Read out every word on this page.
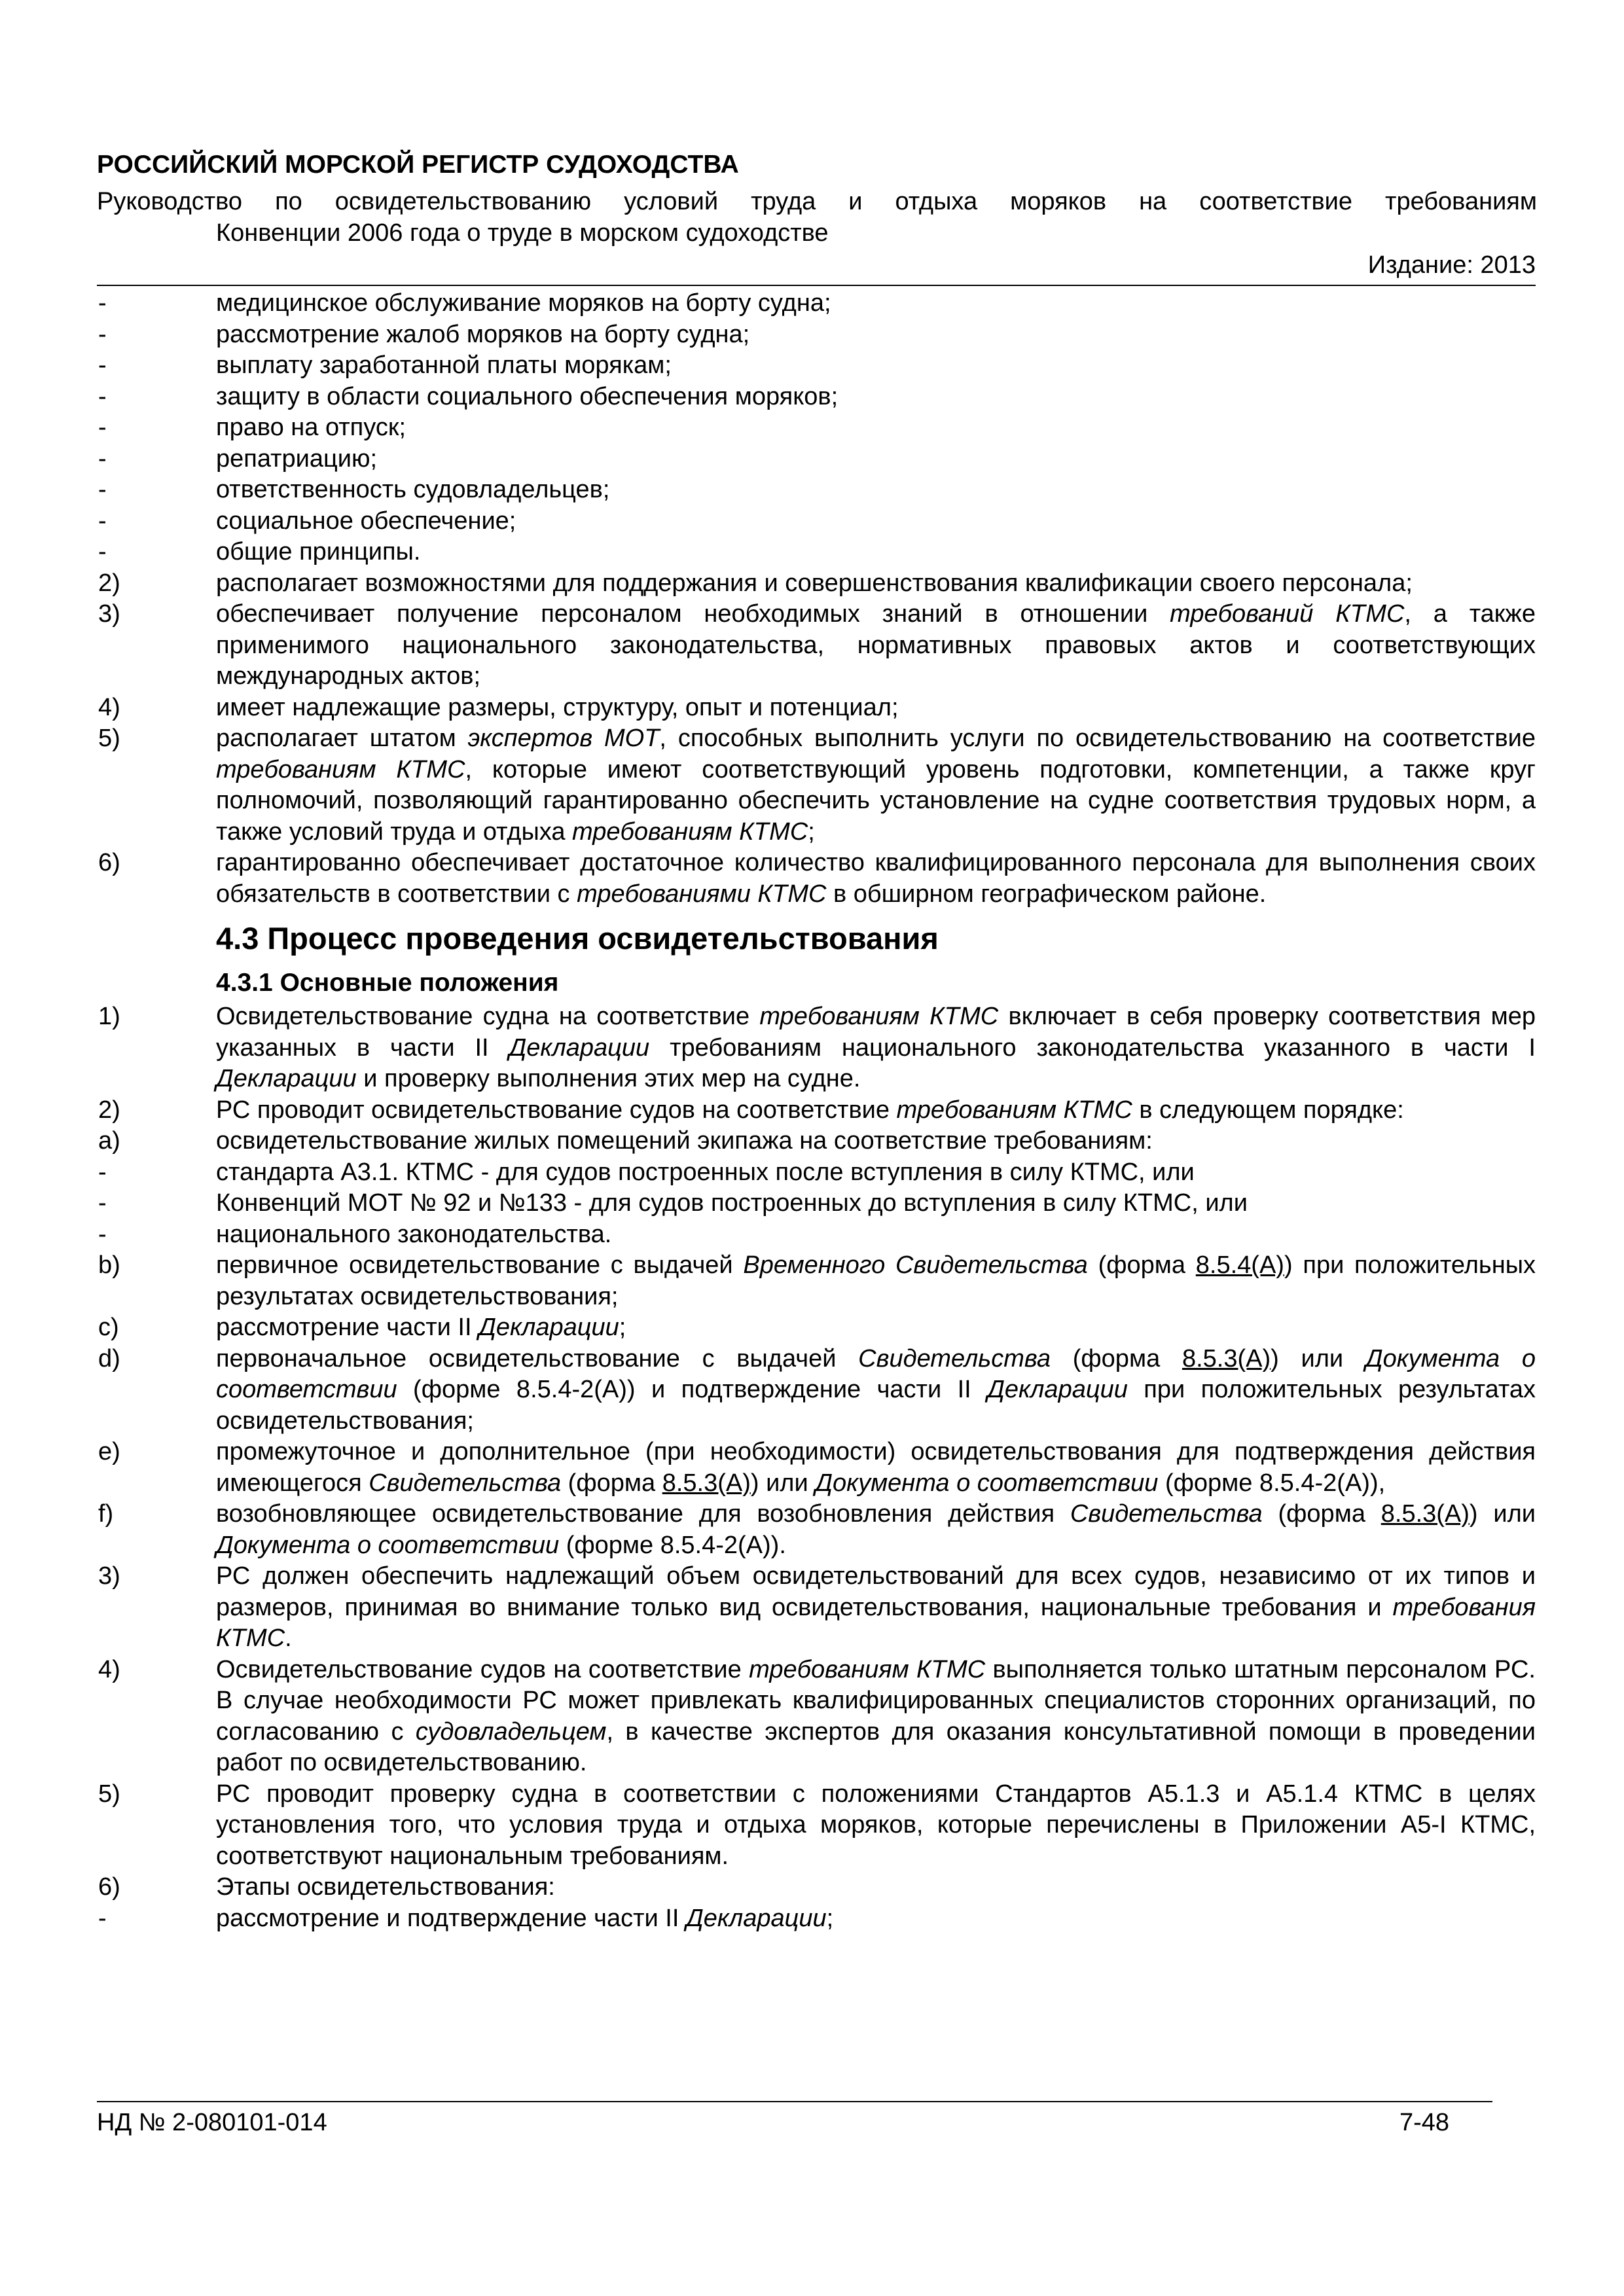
РОССИЙСКИЙ МОРСКОЙ РЕГИСТР СУДОХОДСТВА
Руководство по освидетельствованию условий труда и отдыха моряков на соответствие требованиям
Конвенции 2006 года о труде в морском судоходстве
Издание: 2013
-	медицинское обслуживание моряков на борту судна;
-	рассмотрение жалоб моряков на борту судна;
-	выплату заработанной платы морякам;
-	защиту в области социального обеспечения моряков;
-	право на отпуск;
-	репатриацию;
-	ответственность судовладельцев;
-	социальное обеспечение;
-	общие принципы.
2)	располагает возможностями для поддержания и совершенствования квалификации своего персонала;
3)	обеспечивает получение персоналом необходимых знаний в отношении требований КТМС, а также применимого национального законодательства, нормативных правовых актов и соответствующих международных актов;
4)	имеет надлежащие размеры, структуру, опыт и потенциал;
5)	располагает штатом экспертов МОТ, способных выполнить услуги по освидетельствованию на соответствие требованиям КТМС, которые имеют соответствующий уровень подготовки, компетенции, а также круг полномочий, позволяющий гарантированно обеспечить установление на судне соответствия трудовых норм, а также условий труда и отдыха требованиям КТМС;
6)	гарантированно обеспечивает достаточное количество квалифицированного персонала для выполнения своих обязательств в соответствии с требованиями КТМС в обширном географическом районе.
4.3 Процесс проведения освидетельствования
4.3.1 Основные положения
1)	Освидетельствование судна на соответствие требованиям КТМС включает в себя проверку соответствия мер указанных в части II Декларации требованиям национального законодательства указанного в части I Декларации и проверку выполнения этих мер на судне.
2)	РС проводит освидетельствование судов на соответствие требованиям КТМС в следующем порядке:
a)	освидетельствование жилых помещений экипажа на соответствие требованиям:
-	стандарта А3.1. КТМС - для судов построенных после вступления в силу КТМС, или
-	Конвенций МОТ № 92 и №133 - для судов построенных до вступления в силу КТМС, или
-	национального законодательства.
b)	первичное освидетельствование с выдачей Временного Свидетельства (форма 8.5.4(А)) при положительных результатах освидетельствования;
c)	рассмотрение части II Декларации;
d)	первоначальное освидетельствование с выдачей Свидетельства (форма 8.5.3(А)) или Документа о соответствии (форме 8.5.4-2(А)) и подтверждение части II Декларации при положительных результатах освидетельствования;
e)	промежуточное и дополнительное (при необходимости) освидетельствования для подтверждения действия имеющегося Свидетельства (форма 8.5.3(А)) или Документа о соответствии (форме 8.5.4-2(А)),
f)	возобновляющее освидетельствование для возобновления действия Свидетельства (форма 8.5.3(А)) или Документа о соответствии (форме 8.5.4-2(А)).
3)	РС должен обеспечить надлежащий объем освидетельствований для всех судов, независимо от их типов и размеров, принимая во внимание только вид освидетельствования, национальные требования и требования КТМС.
4)	Освидетельствование судов на соответствие требованиям КТМС выполняется только штатным персоналом РС. В случае необходимости РС может привлекать квалифицированных специалистов сторонних организаций, по согласованию с судовладельцем, в качестве экспертов для оказания консультативной помощи в проведении работ по освидетельствованию.
5)	РС проводит проверку судна в соответствии с положениями Стандартов А5.1.3 и А5.1.4 КТМС в целях установления того, что условия труда и отдыха моряков, которые перечислены в Приложении А5-I КТМС, соответствуют национальным требованиям.
6)	Этапы освидетельствования:
-	рассмотрение и подтверждение части II Декларации;
НД № 2-080101-014	7-48
